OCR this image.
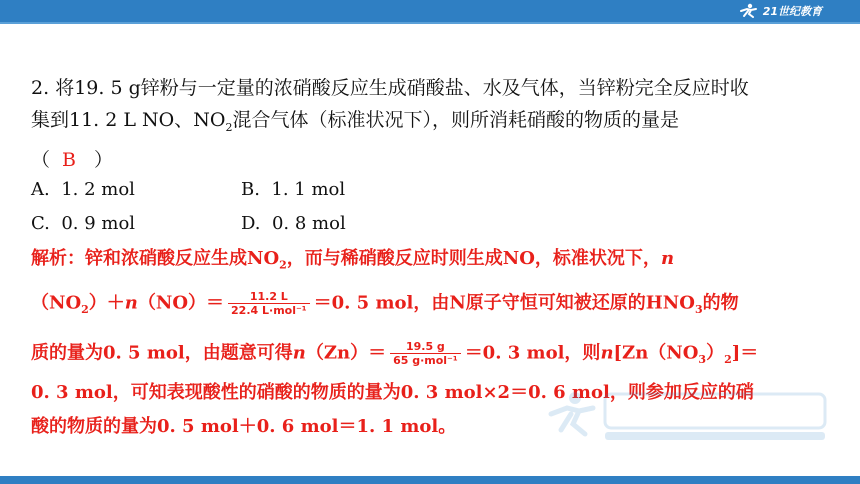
21世纪教育

2. 将19. 5 g锌粉与一定量的浓硝酸反应生成硝酸盐、水及气体，当锌粉完全反应时收

集到11. 2 L NO、$NO_2$混合气体（标准状况下），则所消耗硝酸的物质的量是

（ B ）

A. 1. 2 mol	B. 1. 1 mol
C. 0. 9 mol	D. 0. 8 mol
解析：锌和浓硝酸反应生成$NO_2$，而与稀硝酸反应时则生成NO，标准状况下，n
$(NO_2)+n(NO)= \frac{11.2 L}{\text{22.4 L·mol⁻¹}} =0$. 5 mol，由N原子守恒可知被还原的$HNO_3$的物
质的量为0. 5 mol，由题意可得$n(Zn)= \frac{19.5 g}{\text{65 g·mol⁻¹}} =0$. 3 mol，则$n[Zn(NO_3)_2]=$
0. 3 mol，可知表现酸性的硝酸的物质的量为0. 3 mol×2＝0. 6 mol，则参加反应的硝
酸的物质的量为0. 5 mol＋0. 6 mol＝1. 1 mol。
